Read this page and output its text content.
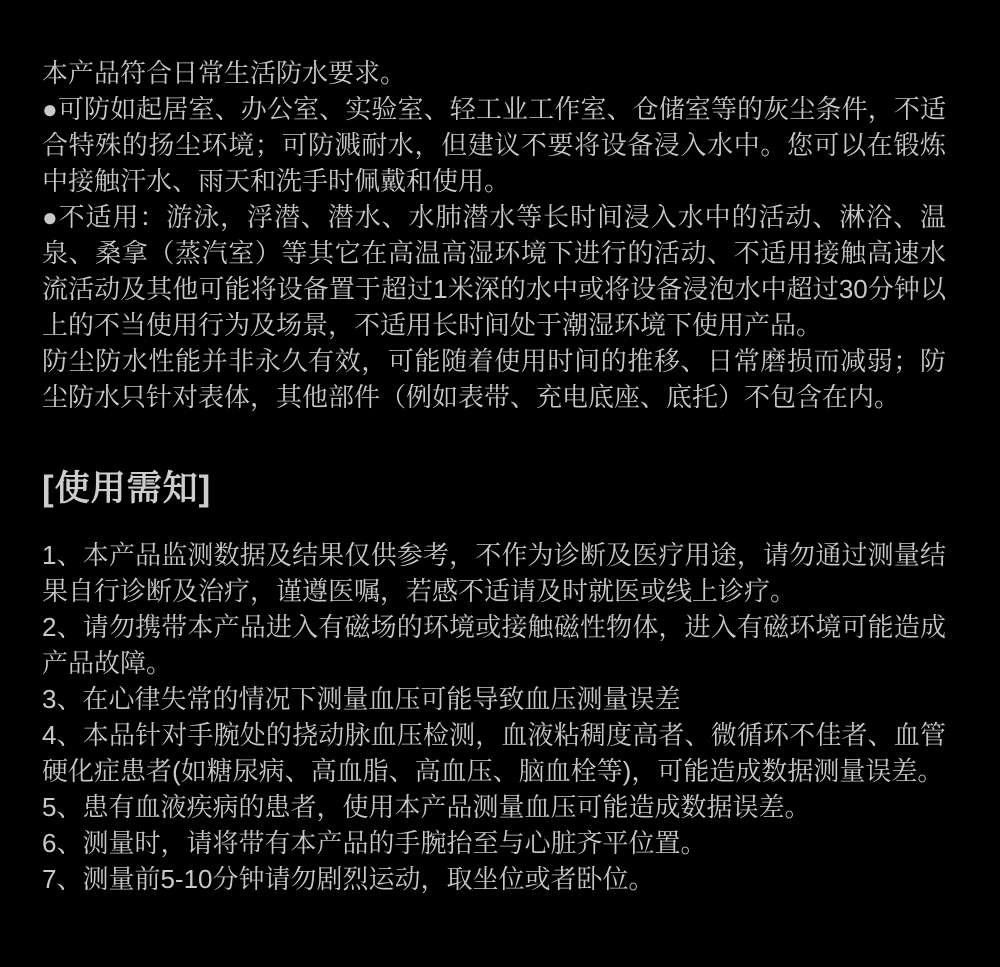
本产品符合日常生活防水要求。

●可防如起居室、办公室、实验室、轻工业工作室、仓储室等的灰尘条件，不适合特殊的扬尘环境；可防溅耐水，但建议不要将设备浸入水中。您可以在锻炼中接触汗水、雨天和洗手时佩戴和使用。

●不适用：游泳，浮潜、潜水、水肺潜水等长时间浸入水中的活动、淋浴、温泉、桑拿（蒸汽室）等其它在高温高湿环境下进行的活动、不适用接触高速水流活动及其他可能将设备置于超过1米深的水中或将设备浸泡水中超过30分钟以上的不当使用行为及场景，不适用长时间处于潮湿环境下使用产品。

防尘防水性能并非永久有效，可能随着使用时间的推移、日常磨损而减弱；防尘防水只针对表体，其他部件（例如表带、充电底座、底托）不包含在内。

[使用需知]

1、本产品监测数据及结果仅供参考，不作为诊断及医疗用途，请勿通过测量结果自行诊断及治疗，谨遵医嘱，若感不适请及时就医或线上诊疗。

2、请勿携带本产品进入有磁场的环境或接触磁性物体，进入有磁环境可能造成产品故障。

3、在心律失常的情况下测量血压可能导致血压测量误差

4、本品针对手腕处的挠动脉血压检测，血液粘稠度高者、微循环不佳者、血管硬化症患者(如糖尿病、高血脂、高血压、脑血栓等)，可能造成数据测量误差。

5、患有血液疾病的患者，使用本产品测量血压可能造成数据误差。

6、测量时，请将带有本产品的手腕抬至与心脏齐平位置。

7、测量前5-10分钟请勿剧烈运动，取坐位或者卧位。
